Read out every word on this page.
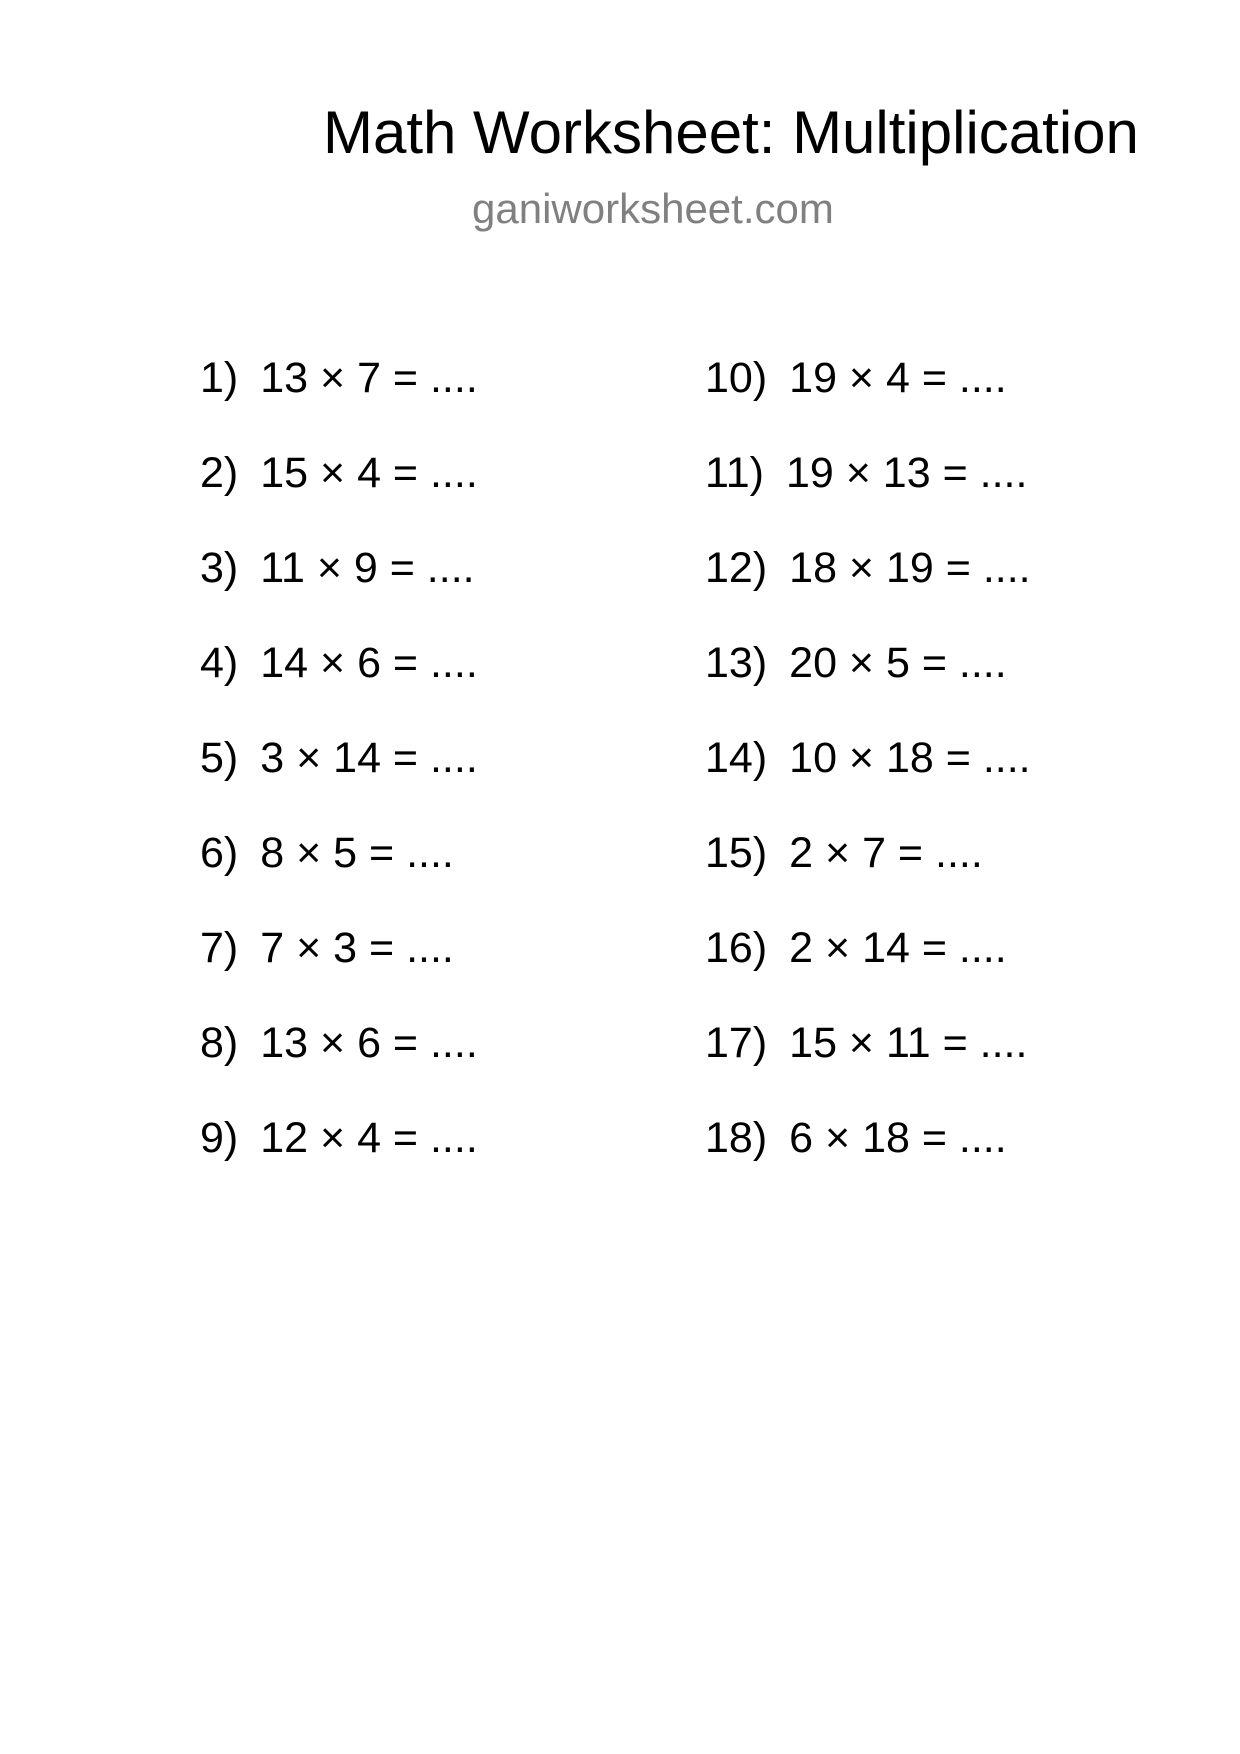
Math Worksheet: Multiplication
ganiworksheet.com
1) 13 × 7 = ....
2) 15 × 4 = ....
3) 11 × 9 = ....
4) 14 × 6 = ....
5) 3 × 14 = ....
6) 8 × 5 = ....
7) 7 × 3 = ....
8) 13 × 6 = ....
9) 12 × 4 = ....
10) 19 × 4 = ....
11) 19 × 13 = ....
12) 18 × 19 = ....
13) 20 × 5 = ....
14) 10 × 18 = ....
15) 2 × 7 = ....
16) 2 × 14 = ....
17) 15 × 11 = ....
18) 6 × 18 = ....
